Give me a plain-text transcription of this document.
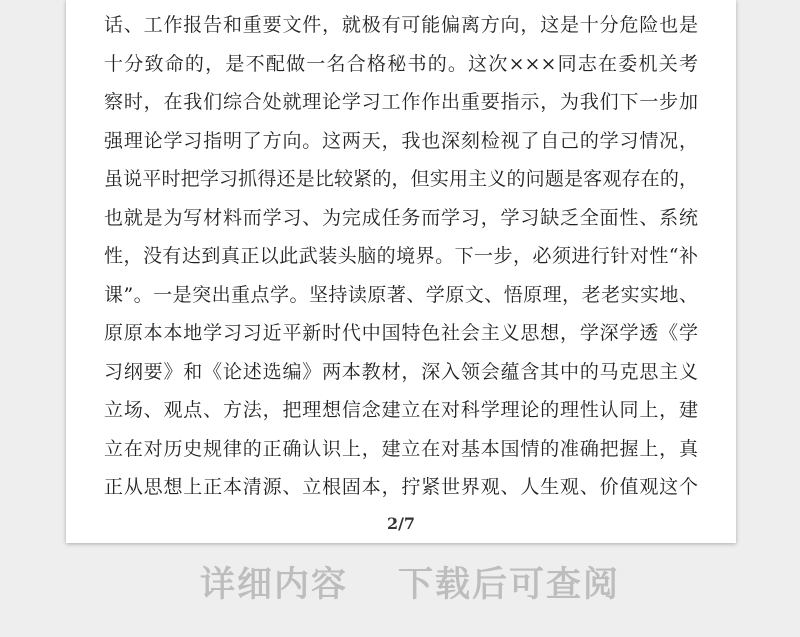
话、工作报告和重要文件，就极有可能偏离方向，这是十分危险也是
十分致命的，是不配做一名合格秘书的。这次×××同志在委机关考
察时，在我们综合处就理论学习工作作出重要指示，为我们下一步加
强理论学习指明了方向。这两天，我也深刻检视了自己的学习情况，
虽说平时把学习抓得还是比较紧的，但实用主义的问题是客观存在的，
也就是为写材料而学习、为完成任务而学习，学习缺乏全面性、系统
性，没有达到真正以此武装头脑的境界。下一步，必须进行针对性“补
课”。一是突出重点学。坚持读原著、学原文、悟原理，老老实实地、
原原本本地学习习近平新时代中国特色社会主义思想，学深学透《学
习纲要》和《论述选编》两本教材，深入领会蕴含其中的马克思主义
立场、观点、方法，把理想信念建立在对科学理论的理性认同上，建
立在对历史规律的正确认识上，建立在对基本国情的准确把握上，真
正从思想上正本清源、立根固本，拧紧世界观、人生观、价值观这个
2/7
详细内容 下载后可查阅
